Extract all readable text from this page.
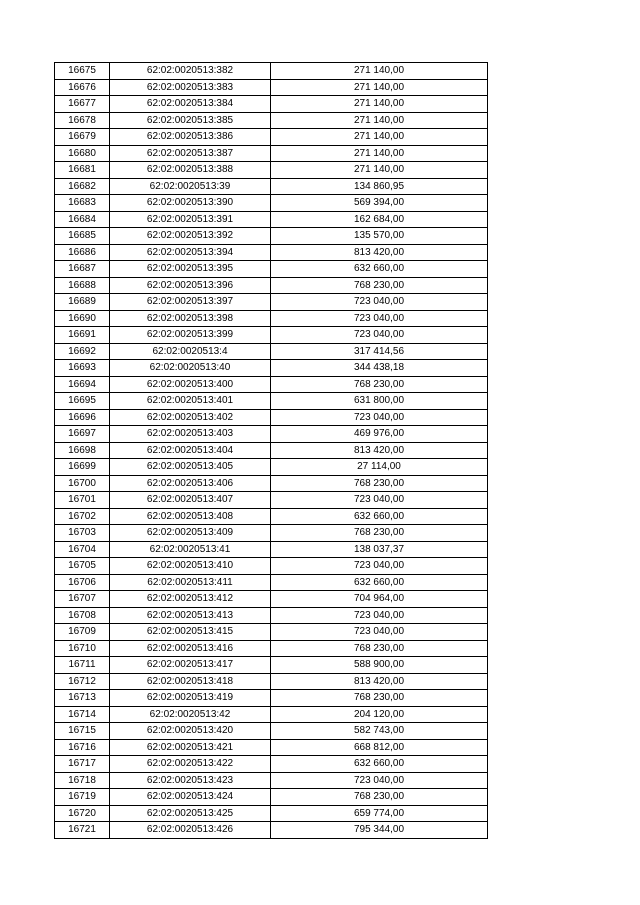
16675	62:02:0020513:382	271 140,00
16676	62:02:0020513:383	271 140,00
16677	62:02:0020513:384	271 140,00
16678	62:02:0020513:385	271 140,00
16679	62:02:0020513:386	271 140,00
16680	62:02:0020513:387	271 140,00
16681	62:02:0020513:388	271 140,00
16682	62:02:0020513:39	134 860,95
16683	62:02:0020513:390	569 394,00
16684	62:02:0020513:391	162 684,00
16685	62:02:0020513:392	135 570,00
16686	62:02:0020513:394	813 420,00
16687	62:02:0020513:395	632 660,00
16688	62:02:0020513:396	768 230,00
16689	62:02:0020513:397	723 040,00
16690	62:02:0020513:398	723 040,00
16691	62:02:0020513:399	723 040,00
16692	62:02:0020513:4	317 414,56
16693	62:02:0020513:40	344 438,18
16694	62:02:0020513:400	768 230,00
16695	62:02:0020513:401	631 800,00
16696	62:02:0020513:402	723 040,00
16697	62:02:0020513:403	469 976,00
16698	62:02:0020513:404	813 420,00
16699	62:02:0020513:405	27 114,00
16700	62:02:0020513:406	768 230,00
16701	62:02:0020513:407	723 040,00
16702	62:02:0020513:408	632 660,00
16703	62:02:0020513:409	768 230,00
16704	62:02:0020513:41	138 037,37
16705	62:02:0020513:410	723 040,00
16706	62:02:0020513:411	632 660,00
16707	62:02:0020513:412	704 964,00
16708	62:02:0020513:413	723 040,00
16709	62:02:0020513:415	723 040,00
16710	62:02:0020513:416	768 230,00
16711	62:02:0020513:417	588 900,00
16712	62:02:0020513:418	813 420,00
16713	62:02:0020513:419	768 230,00
16714	62:02:0020513:42	204 120,00
16715	62:02:0020513:420	582 743,00
16716	62:02:0020513:421	668 812,00
16717	62:02:0020513:422	632 660,00
16718	62:02:0020513:423	723 040,00
16719	62:02:0020513:424	768 230,00
16720	62:02:0020513:425	659 774,00
16721	62:02:0020513:426	795 344,00
